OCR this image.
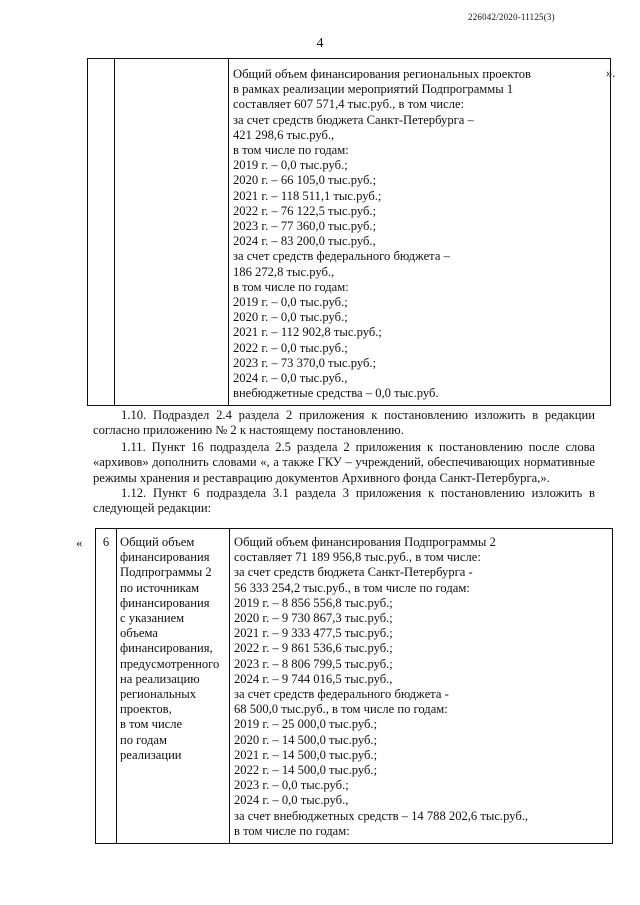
226042/2020-11125(3)
4

Общий объем финансирования региональных проектов
в рамках реализации мероприятий Подпрограммы 1
составляет 607 571,4 тыс.руб., в том числе:
за счет средств бюджета Санкт-Петербурга –
421 298,6 тыс.руб.,
в том числе по годам:
2019 г. – 0,0 тыс.руб.;
2020 г. – 66 105,0 тыс.руб.;
2021 г. – 118 511,1 тыс.руб.;
2022 г. – 76 122,5 тыс.руб.;
2023 г. – 77 360,0 тыс.руб.;
2024 г. – 83 200,0 тыс.руб.,
за счет средств федерального бюджета –
186 272,8 тыс.руб.,
в том числе по годам:
2019 г. – 0,0 тыс.руб.;
2020 г. – 0,0 тыс.руб.;
2021 г. – 112 902,8 тыс.руб.;
2022 г. – 0,0 тыс.руб.;
2023 г. – 73 370,0 тыс.руб.;
2024 г. – 0,0 тыс.руб.,
внебюджетные средства – 0,0 тыс.руб.
».
1.10. Подраздел 2.4 раздела 2 приложения к постановлению изложить в редакции согласно приложению № 2 к настоящему постановлению.
1.11. Пункт 16 подраздела 2.5 раздела 2 приложения к постановлению после слова «архивов» дополнить словами «, а также ГКУ – учреждений, обеспечивающих нормативные режимы хранения и реставрацию документов Архивного фонда Санкт-Петербурга,».
1.12. Пункт 6 подраздела 3.1 раздела 3 приложения к постановлению изложить в следующей редакции:
«
	6	Общий объем
финансирования
Подпрограммы 2
по источникам
финансирования
с указанием
объема
финансирования,
предусмотренного
на реализацию
региональных
проектов,
в том числе
по годам
реализации

Общий объем финансирования Подпрограммы 2
составляет 71 189 956,8 тыс.руб., в том числе:
за счет средств бюджета Санкт-Петербурга -
56 333 254,2 тыс.руб., в том числе по годам:
2019 г. – 8 856 556,8 тыс.руб.;
2020 г. – 9 730 867,3 тыс.руб.;
2021 г. – 9 333 477,5 тыс.руб.;
2022 г. – 9 861 536,6 тыс.руб.;
2023 г. – 8 806 799,5 тыс.руб.;
2024 г. – 9 744 016,5 тыс.руб.,
за счет средств федерального бюджета -
68 500,0 тыс.руб., в том числе по годам:
2019 г. – 25 000,0 тыс.руб.;
2020 г. – 14 500,0 тыс.руб.;
2021 г. – 14 500,0 тыс.руб.;
2022 г. – 14 500,0 тыс.руб.;
2023 г. – 0,0 тыс.руб.;
2024 г. – 0,0 тыс.руб.,
за счет внебюджетных средств – 14 788 202,6 тыс.руб.,
в том числе по годам:
